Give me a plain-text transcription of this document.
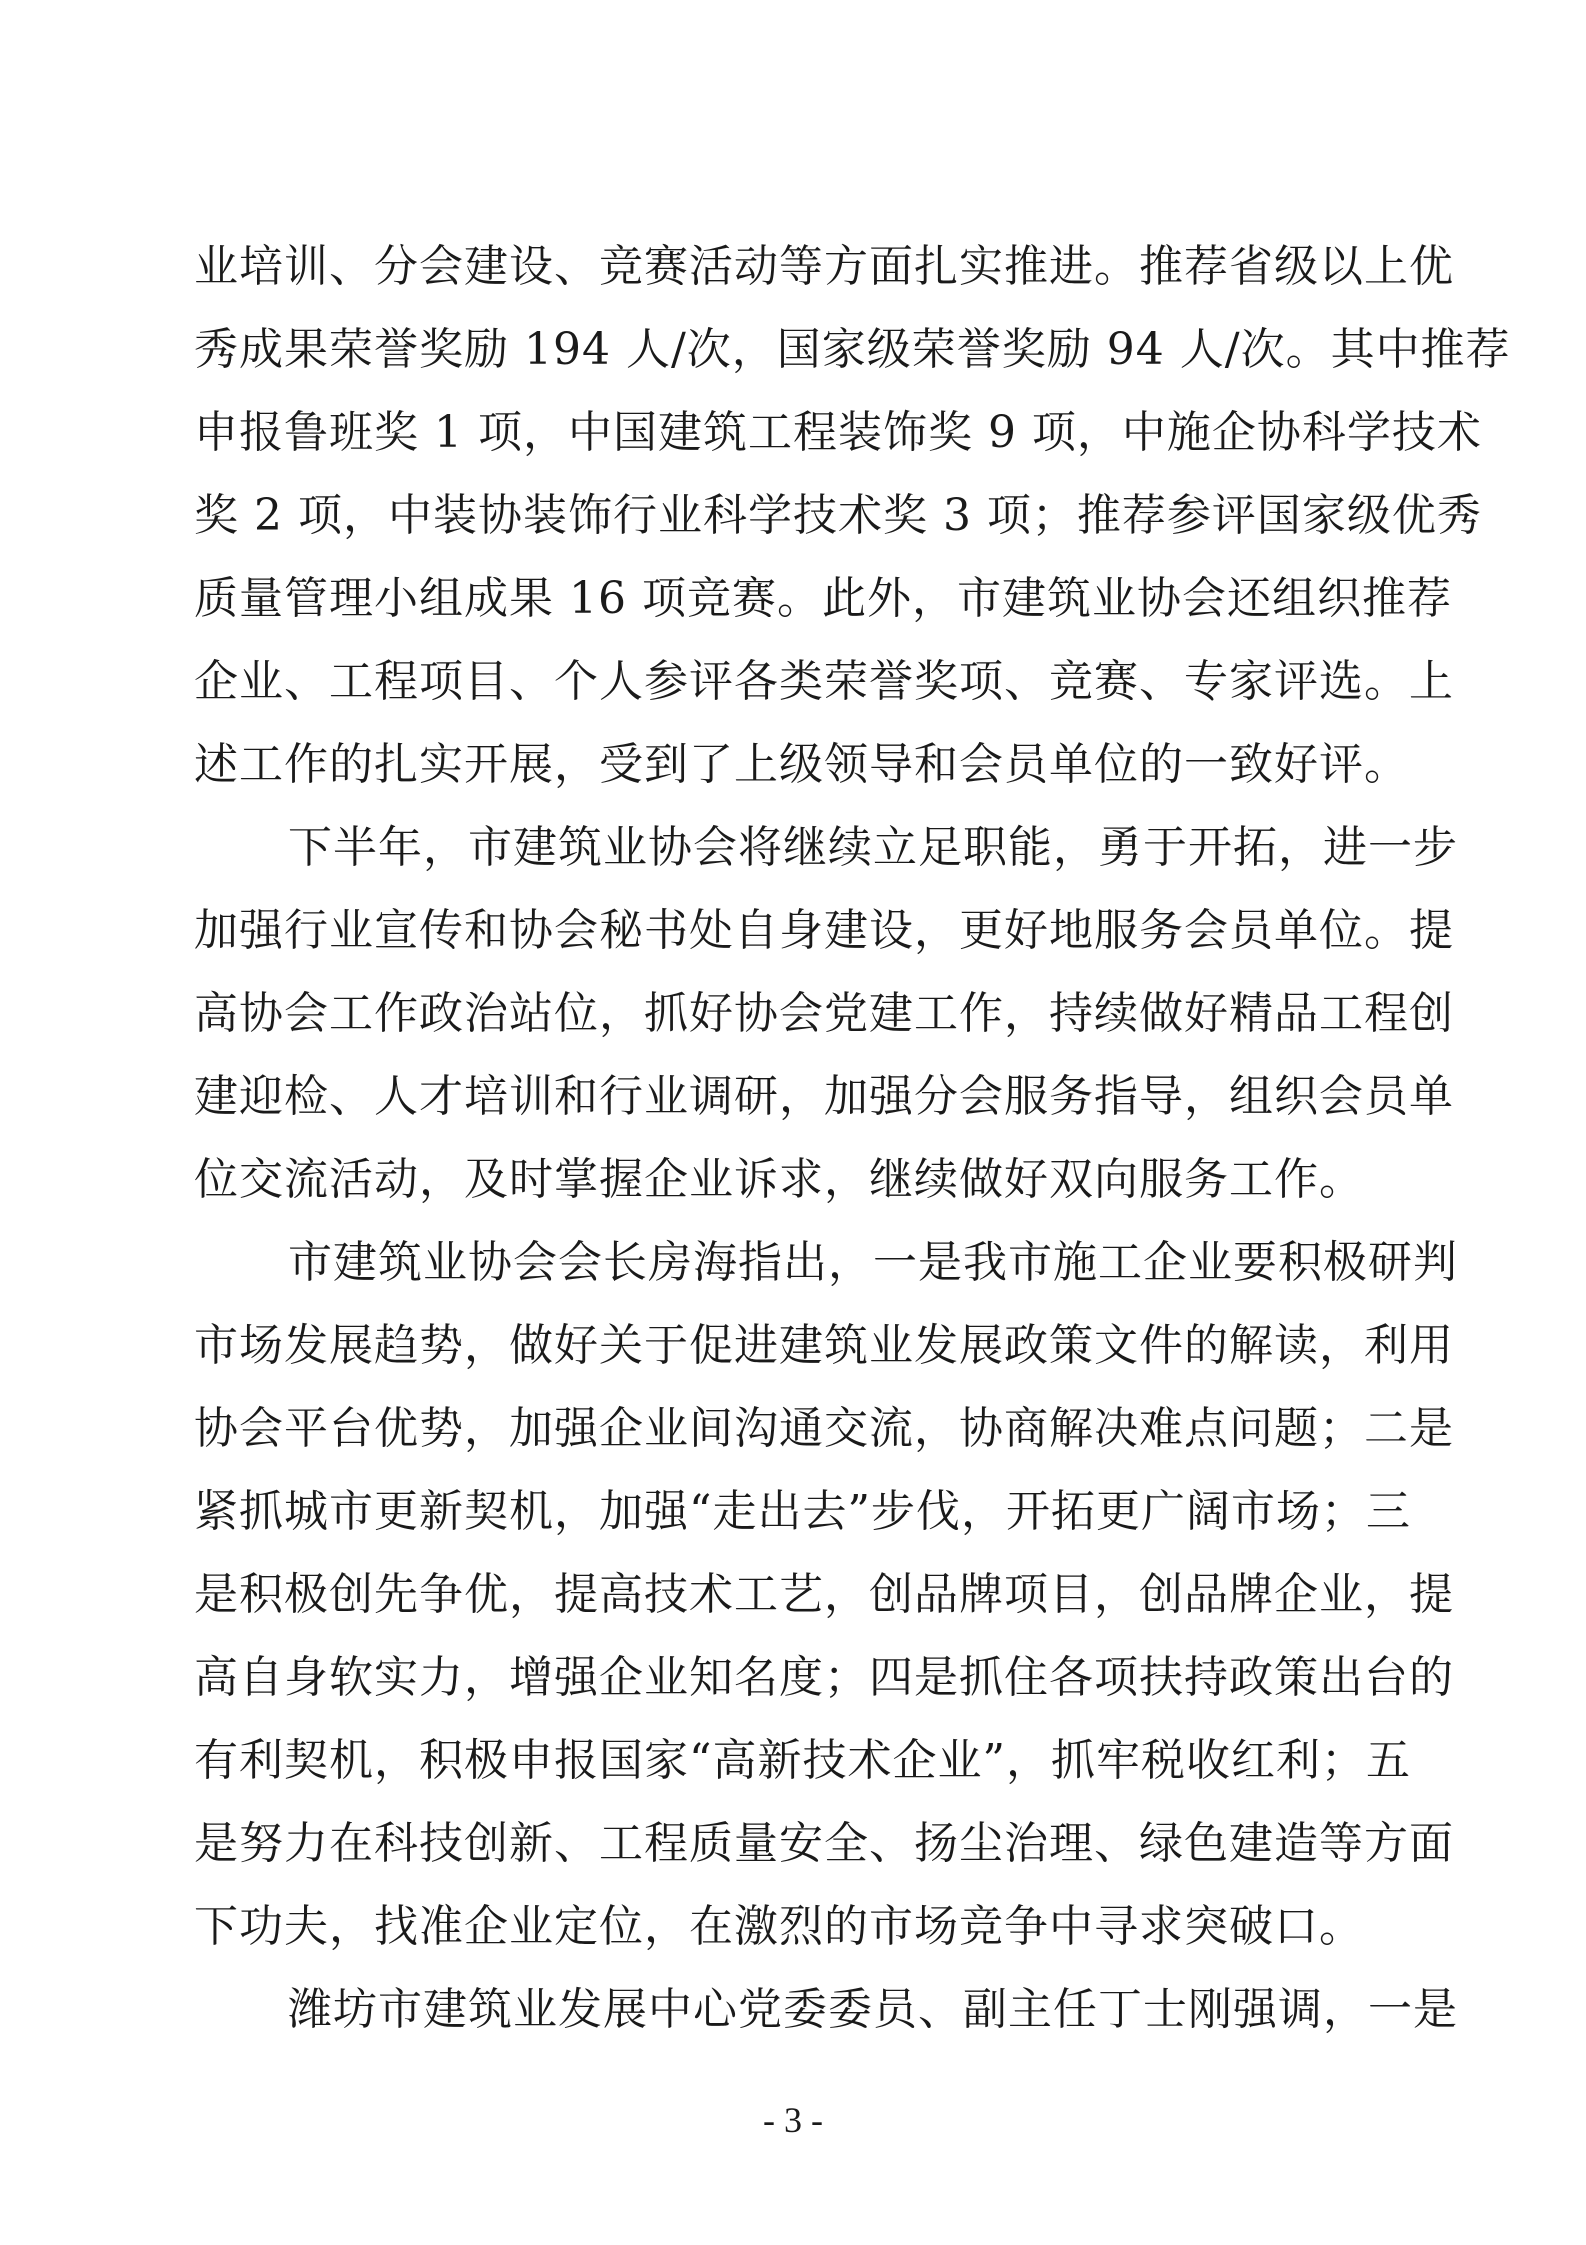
业培训、分会建设、竞赛活动等方面扎实推进。推荐省级以上优
秀成果荣誉奖励 194 人/次，国家级荣誉奖励 94 人/次。其中推荐
申报鲁班奖 1 项，中国建筑工程装饰奖 9 项，中施企协科学技术
奖 2 项，中装协装饰行业科学技术奖 3 项；推荐参评国家级优秀
质量管理小组成果 16 项竞赛。此外，市建筑业协会还组织推荐
企业、工程项目、个人参评各类荣誉奖项、竞赛、专家评选。上
述工作的扎实开展，受到了上级领导和会员单位的一致好评。
下半年，市建筑业协会将继续立足职能，勇于开拓，进一步
加强行业宣传和协会秘书处自身建设，更好地服务会员单位。提
高协会工作政治站位，抓好协会党建工作，持续做好精品工程创
建迎检、人才培训和行业调研，加强分会服务指导，组织会员单
位交流活动，及时掌握企业诉求，继续做好双向服务工作。
市建筑业协会会长房海指出，一是我市施工企业要积极研判
市场发展趋势，做好关于促进建筑业发展政策文件的解读，利用
协会平台优势，加强企业间沟通交流，协商解决难点问题；二是
紧抓城市更新契机，加强“走出去”步伐，开拓更广阔市场；三
是积极创先争优，提高技术工艺，创品牌项目，创品牌企业，提
高自身软实力，增强企业知名度；四是抓住各项扶持政策出台的
有利契机，积极申报国家“高新技术企业”，抓牢税收红利；五
是努力在科技创新、工程质量安全、扬尘治理、绿色建造等方面
下功夫，找准企业定位，在激烈的市场竞争中寻求突破口。
潍坊市建筑业发展中心党委委员、副主任丁士刚强调，一是
- 3 -
